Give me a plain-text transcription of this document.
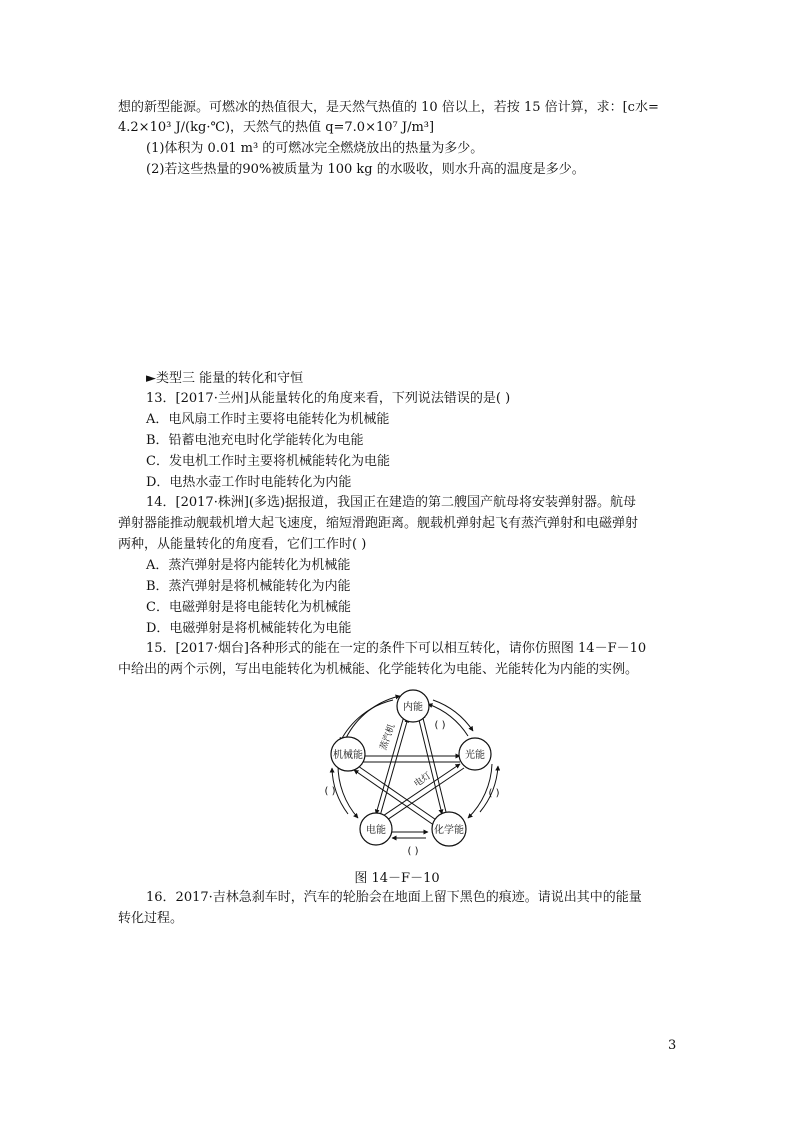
想的新型能源。可燃冰的热值很大，是天然气热值的 10 倍以上，若按 15 倍计算，求：[c水=
4.2×10³ J/(kg·℃)，天然气的热值 q=7.0×10⁷ J/m³]
(1)体积为 0.01 m³ 的可燃冰完全燃烧放出的热量为多少。
(2)若这些热量的90%被质量为 100 kg 的水吸收，则水升高的温度是多少。
►类型三 能量的转化和守恒
13．[2017·兰州]从能量转化的角度来看，下列说法错误的是( )
A．电风扇工作时主要将电能转化为机械能
B．铅蓄电池充电时化学能转化为电能
C．发电机工作时主要将机械能转化为电能
D．电热水壶工作时电能转化为内能
14．[2017·株洲](多选)据报道，我国正在建造的第二艘国产航母将安装弹射器。航母
弹射器能推动舰载机增大起飞速度，缩短滑跑距离。舰载机弹射起飞有蒸汽弹射和电磁弹射
两种，从能量转化的角度看，它们工作时( )
A．蒸汽弹射是将内能转化为机械能
B．蒸汽弹射是将机械能转化为内能
C．电磁弹射是将电能转化为机械能
D．电磁弹射是将机械能转化为电能
15．[2017·烟台]各种形式的能在一定的条件下可以相互转化，请你仿照图 14－F－10
中给出的两个示例，写出电能转化为机械能、化学能转化为电能、光能转化为内能的实例。
内能
光能
机械能
电能	化学能
蒸汽机
电灯
( )
( )	( )
( )
图 14－F－10
16．2017·吉林急刹车时，汽车的轮胎会在地面上留下黑色的痕迹。请说出其中的能量
转化过程。
3
